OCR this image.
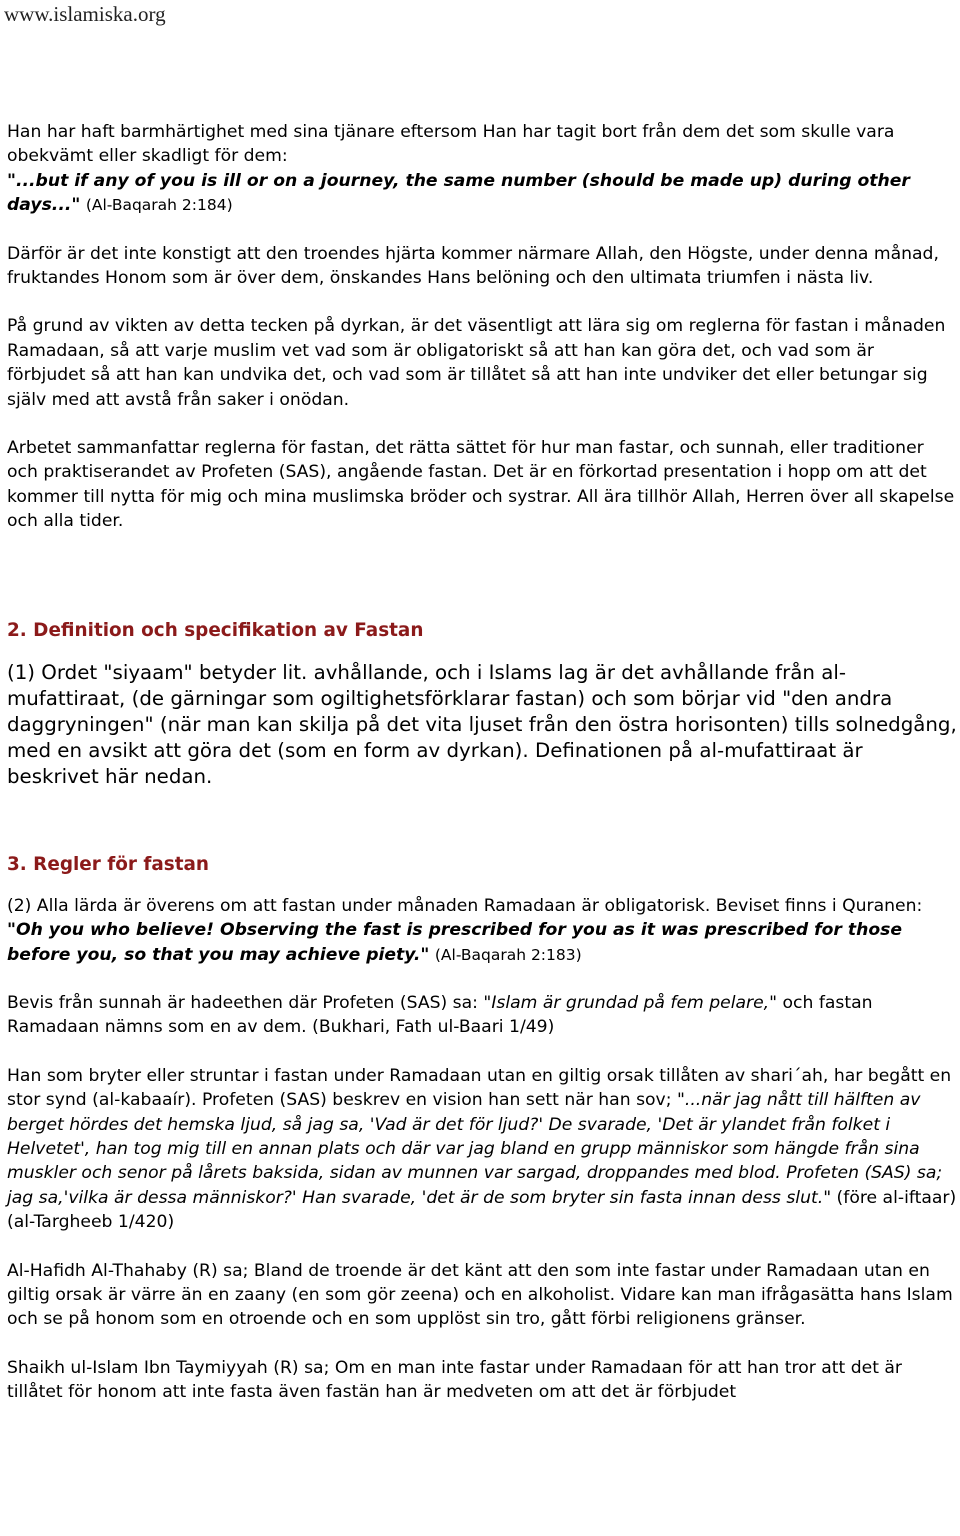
www.islamiska.org

Han har haft barmhärtighet med sina tjänare eftersom Han har tagit bort från dem det som skulle vara obekvämt eller skadligt för dem:
"...but if any of you is ill or on a journey, the same number (should be made up) during other days..." (Al-Baqarah 2:184)

Därför är det inte konstigt att den troendes hjärta kommer närmare Allah, den Högste, under denna månad, fruktandes Honom som är över dem, önskandes Hans belöning och den ultimata triumfen i nästa liv.

På grund av vikten av detta tecken på dyrkan, är det väsentligt att lära sig om reglerna för fastan i månaden Ramadaan, så att varje muslim vet vad som är obligatoriskt så att han kan göra det, och vad som är förbjudet så att han kan undvika det, och vad som är tillåtet så att han inte undviker det eller betungar sig själv med att avstå från saker i onödan.

Arbetet sammanfattar reglerna för fastan, det rätta sättet för hur man fastar, och sunnah, eller traditioner och praktiserandet av Profeten (SAS), angående fastan. Det är en förkortad presentation i hopp om att det kommer till nytta för mig och mina muslimska bröder och systrar. All ära tillhör Allah, Herren över all skapelse och alla tider.

2. Definition och specifikation av Fastan

(1) Ordet "siyaam" betyder lit. avhållande, och i Islams lag är det avhållande från al-mufattiraat, (de gärningar som ogiltighetsförklarar fastan) och som börjar vid "den andra daggryningen" (när man kan skilja på det vita ljuset från den östra horisonten) tills solnedgång, med en avsikt att göra det (som en form av dyrkan). Definationen på al-mufattiraat är beskrivet här nedan.

3. Regler för fastan

(2) Alla lärda är överens om att fastan under månaden Ramadaan är obligatorisk. Beviset finns i Quranen:
"Oh you who believe! Observing the fast is prescribed for you as it was prescribed for those before you, so that you may achieve piety." (Al-Baqarah 2:183)

Bevis från sunnah är hadeethen där Profeten (SAS) sa: "Islam är grundad på fem pelare," och fastan Ramadaan nämns som en av dem. (Bukhari, Fath ul-Baari 1/49)

Han som bryter eller struntar i fastan under Ramadaan utan en giltig orsak tillåten av shari´ah, har begått en stor synd (al-kabaaír). Profeten (SAS) beskrev en vision han sett när han sov; "...när jag nått till hälften av berget hördes det hemska ljud, så jag sa, 'Vad är det för ljud?' De svarade, 'Det är ylandet från folket i Helvetet', han tog mig till en annan plats och där var jag bland en grupp människor som hängde från sina muskler och senor på lårets baksida, sidan av munnen var sargad, droppandes med blod. Profeten (SAS) sa; jag sa,'vilka är dessa människor?' Han svarade, 'det är de som bryter sin fasta innan dess slut." (före al-iftaar) (al-Targheeb 1/420)

Al-Hafidh Al-Thahaby (R) sa; Bland de troende är det känt att den som inte fastar under Ramadaan utan en giltig orsak är värre än en zaany (en som gör zeena) och en alkoholist. Vidare kan man ifrågasätta hans Islam och se på honom som en otroende och en som upplöst sin tro, gått förbi religionens gränser.

Shaikh ul-Islam Ibn Taymiyyah (R) sa; Om en man inte fastar under Ramadaan för att han tror att det är tillåtet för honom att inte fasta även fastän han är medveten om att det är förbjudet
